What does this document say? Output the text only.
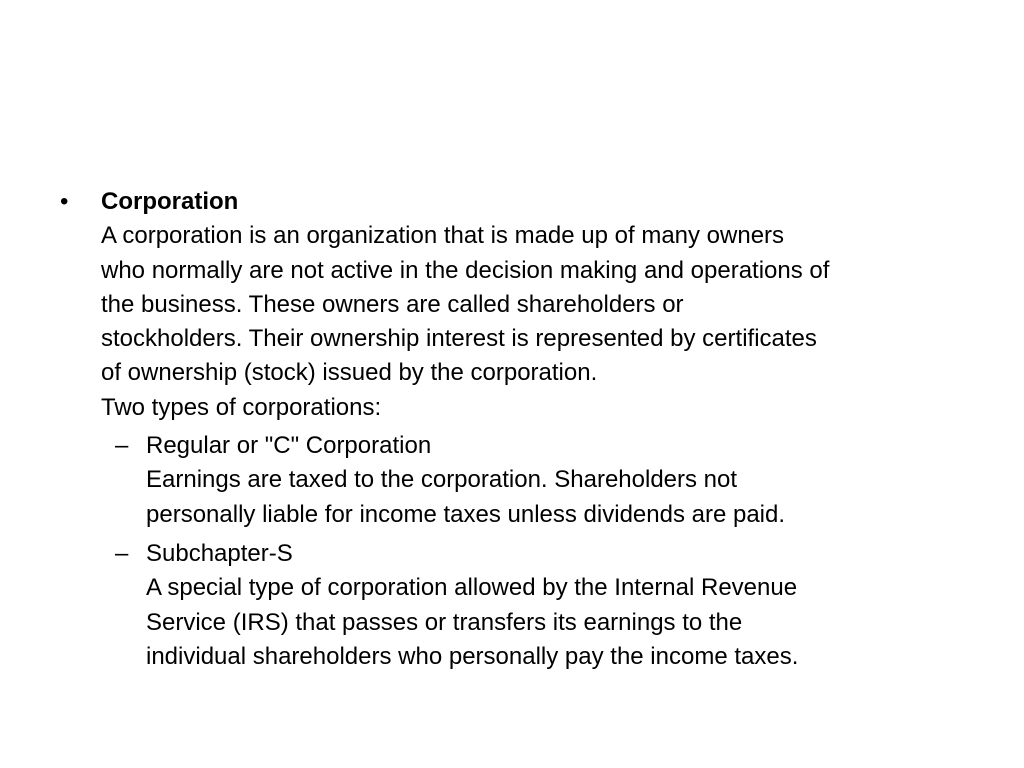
•	Corporation
A corporation is an organization that is made up of many owners
who normally are not active in the decision making and operations of
the business. These owners are called shareholders or
stockholders. Their ownership interest is represented by certificates
of ownership (stock) issued by the corporation.
Two types of corporations:
– Regular or "C" Corporation
Earnings are taxed to the corporation. Shareholders not
personally liable for income taxes unless dividends are paid.
– Subchapter-S
A special type of corporation allowed by the Internal Revenue
Service (IRS) that passes or transfers its earnings to the
individual shareholders who personally pay the income taxes.
